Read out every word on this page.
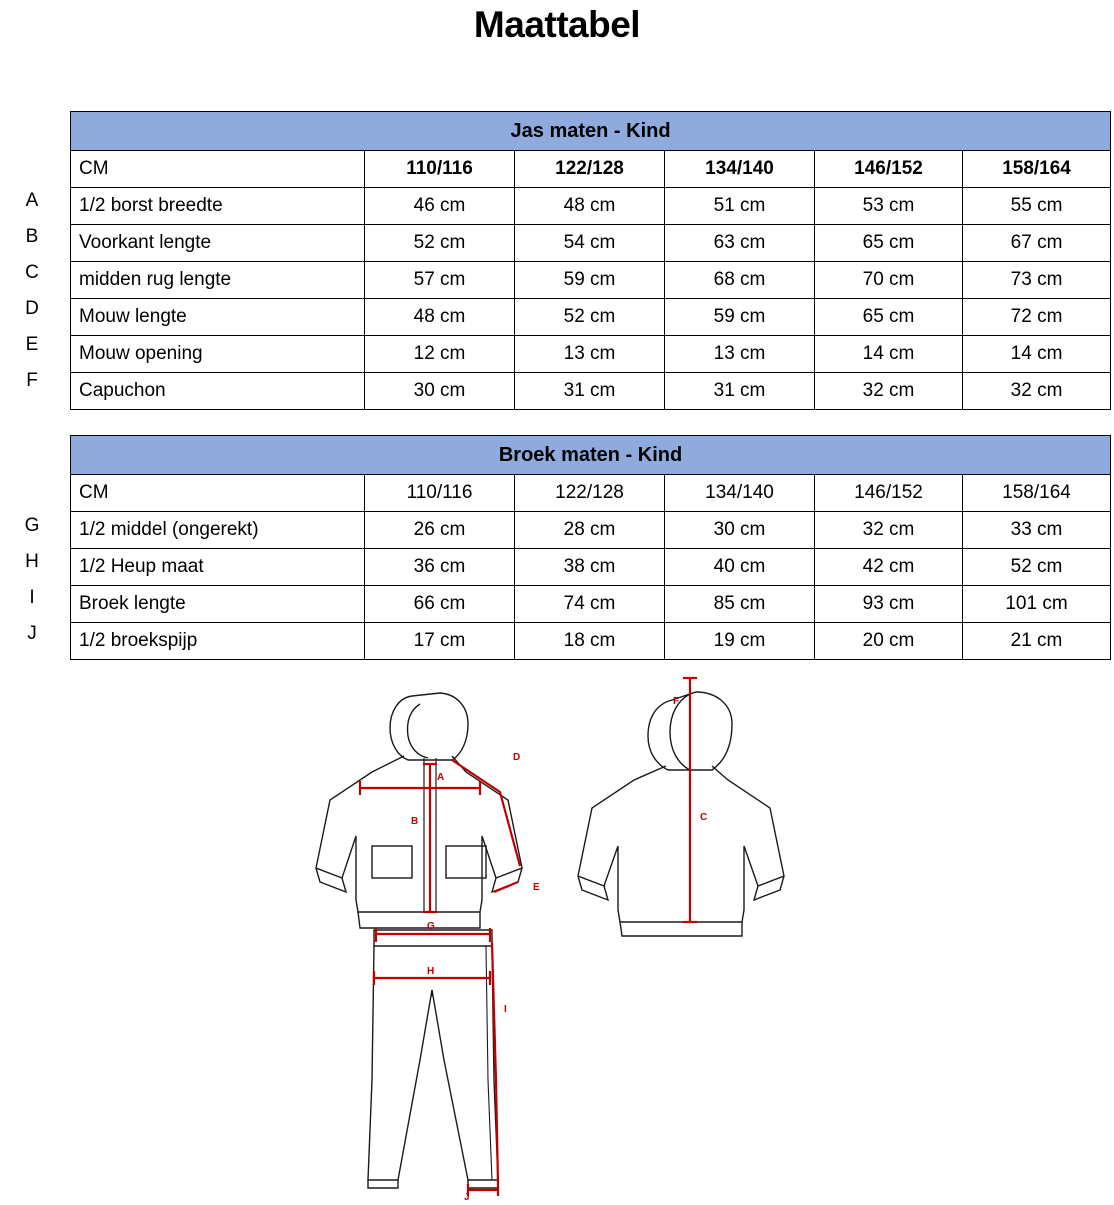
Maattabel
A
B
C
D
E
F
Jas maten - Kind					
CM	110/116	122/128	134/140	146/152	158/164
1/2 borst breedte	46 cm	48 cm	51 cm	53 cm	55 cm
Voorkant lengte	52 cm	54 cm	63 cm	65 cm	67 cm
midden rug lengte	57 cm	59 cm	68 cm	70 cm	73 cm
Mouw lengte	48 cm	52 cm	59 cm	65 cm	72 cm
Mouw opening	12 cm	13 cm	13 cm	14 cm	14 cm
Capuchon	30 cm	31 cm	31 cm	32 cm	32 cm
G
H
I
J
Broek maten - Kind					
CM	110/116	122/128	134/140	146/152	158/164
1/2 middel (ongerekt)	26 cm	28 cm	30 cm	32 cm	33 cm
1/2 Heup maat	36 cm	38 cm	40 cm	42 cm	52 cm
Broek lengte	66 cm	74 cm	85 cm	93 cm	101 cm
1/2 broekspijp	17 cm	18 cm	19 cm	20 cm	21 cm
A
B
D
E
F
C
G
H
I
J
